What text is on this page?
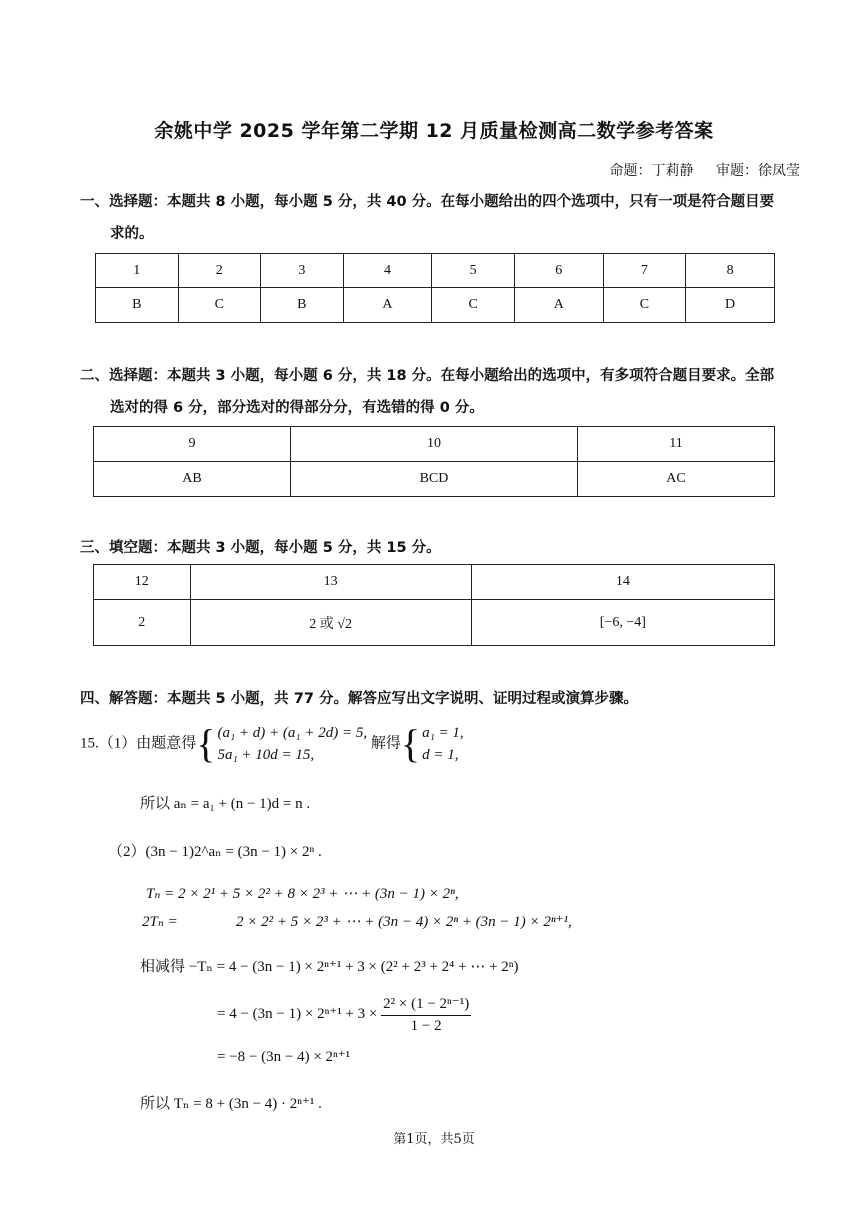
余姚中学 2025 学年第二学期 12 月质量检测高二数学参考答案
命题：丁莉静 审题：徐凤莹
一、选择题：本题共 8 小题，每小题 5 分，共 40 分。在每小题给出的四个选项中，只有一项是符合题目要
求的。
1	2	3	4	5	6	7	8
B	C	B	A	C	A	C	D
二、选择题：本题共 3 小题，每小题 6 分，共 18 分。在每小题给出的选项中，有多项符合题目要求。全部
选对的得 6 分，部分选对的得部分分，有选错的得 0 分。
9	10	11
AB	BCD	AC
三、填空题：本题共 3 小题，每小题 5 分，共 15 分。
12	13	14
2	2 或 √2	[−6, −4]
四、解答题：本题共 5 小题，共 77 分。解答应写出文字说明、证明过程或演算步骤。
15.（1）由题意得{ (a₁ + d) + (a₁ + 2d) = 5,
5a₁ + 10d = 15, 解得{ a₁ = 1,
d = 1,
所以 aₙ = a₁ + (n − 1)d = n .
（2）(3n − 1)2^aₙ = (3n − 1) × 2ⁿ .
Tₙ = 2 × 2¹ + 5 × 2² + 8 × 2³ + ⋯ + (3n − 1) × 2ⁿ,
2Tₙ =	2 × 2² + 5 × 2³ + ⋯ + (3n − 4) × 2ⁿ + (3n − 1) × 2ⁿ⁺¹,
相减得 −Tₙ = 4 − (3n − 1) × 2ⁿ⁺¹ + 3 × (2² + 2³ + 2⁴ + ⋯ + 2ⁿ)
= $4 - (3n - 1) \times 2^{n+1} + 3 \times \frac{\text{2² × (1 − 2ⁿ⁻¹)}}{1 - 2}$
= −8 − (3n − 4) × 2ⁿ⁺¹
所以 Tₙ = 8 + (3n − 4) · 2ⁿ⁺¹ .
第1页，共5页
